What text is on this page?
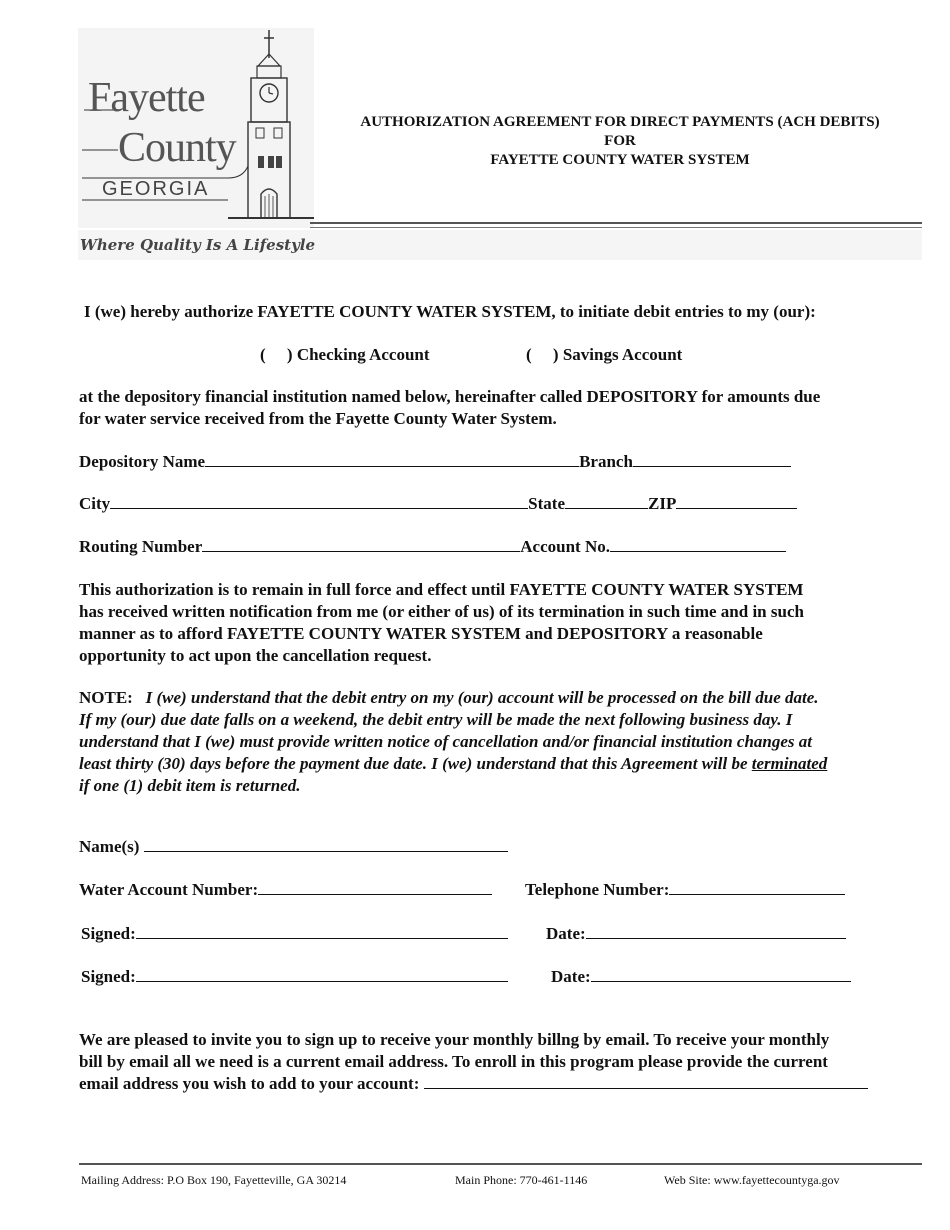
Fayette
County
GEORGIA
Where Quality Is A Lifestyle
AUTHORIZATION AGREEMENT FOR DIRECT PAYMENTS (ACH DEBITS)
FOR
FAYETTE COUNTY WATER SYSTEM
I (we) hereby authorize FAYETTE COUNTY WATER SYSTEM, to initiate debit entries to my (our):
(     ) Checking Account	(     ) Savings Account
at the depository financial institution named below, hereinafter called DEPOSITORY for amounts due
for water service received from the Fayette County Water System.
Depository Name	Branch
City	State	ZIP
Routing Number	Account No.
This authorization is to remain in full force and effect until FAYETTE COUNTY WATER SYSTEM
has received written notification from me (or either of us) of its termination in such time and in such
manner as to afford FAYETTE COUNTY WATER SYSTEM and DEPOSITORY a reasonable
opportunity to act upon the cancellation request.
NOTE: I (we) understand that the debit entry on my (our) account will be processed on the bill due date.
If my (our) due date falls on a weekend, the debit entry will be made the next following business day. I
understand that I (we) must provide written notice of cancellation and/or financial institution changes at
least thirty (30) days before the payment due date. I (we) understand that this Agreement will be terminated
if one (1) debit item is returned.
Name(s)
Water Account Number:	Telephone Number:
Signed:	Date:
Signed:	Date:
We are pleased to invite you to sign up to receive your monthly billng by email. To receive your monthly
bill by email all we need is a current email address. To enroll in this program please provide the current
email address you wish to add to your account:
Mailing Address: P.O Box 190, Fayetteville, GA 30214	Main Phone: 770-461-1146	Web Site: www.fayettecountyga.gov
